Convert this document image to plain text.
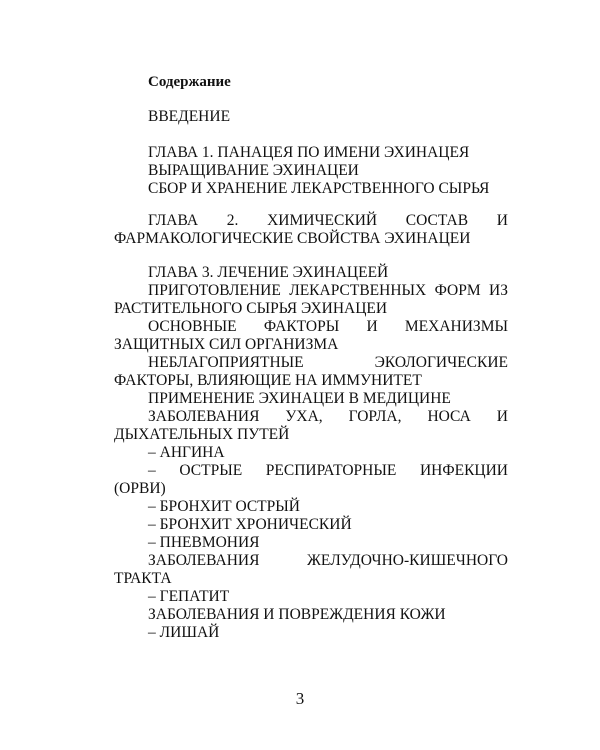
Содержание
ВВЕДЕНИЕ
ГЛАВА 1. ПАНАЦЕЯ ПО ИМЕНИ ЭХИНАЦЕЯ
ВЫРАЩИВАНИЕ ЭХИНАЦЕИ
СБОР И ХРАНЕНИЕ ЛЕКАРСТВЕННОГО СЫРЬЯ
ГЛАВА 2. ХИМИЧЕСКИЙ СОСТАВ И
ФАРМАКОЛОГИЧЕСКИЕ СВОЙСТВА ЭХИНАЦЕИ
ГЛАВА 3. ЛЕЧЕНИЕ ЭХИНАЦЕЕЙ
ПРИГОТОВЛЕНИЕ ЛЕКАРСТВЕННЫХ ФОРМ ИЗ
РАСТИТЕЛЬНОГО СЫРЬЯ ЭХИНАЦЕИ
ОСНОВНЫЕ ФАКТОРЫ И МЕХАНИЗМЫ
ЗАЩИТНЫХ СИЛ ОРГАНИЗМА
НЕБЛАГОПРИЯТНЫЕ ЭКОЛОГИЧЕСКИЕ
ФАКТОРЫ, ВЛИЯЮЩИЕ НА ИММУНИТЕТ
ПРИМЕНЕНИЕ ЭХИНАЦЕИ В МЕДИЦИНЕ
ЗАБОЛЕВАНИЯ УХА, ГОРЛА, НОСА И
ДЫХАТЕЛЬНЫХ ПУТЕЙ
– АНГИНА
– ОСТРЫЕ РЕСПИРАТОРНЫЕ ИНФЕКЦИИ
(ОРВИ)
– БРОНХИТ ОСТРЫЙ
– БРОНХИТ ХРОНИЧЕСКИЙ
– ПНЕВМОНИЯ
ЗАБОЛЕВАНИЯ ЖЕЛУДОЧНО-КИШЕЧНОГО
ТРАКТА
– ГЕПАТИТ
ЗАБОЛЕВАНИЯ И ПОВРЕЖДЕНИЯ КОЖИ
– ЛИШАЙ
3
